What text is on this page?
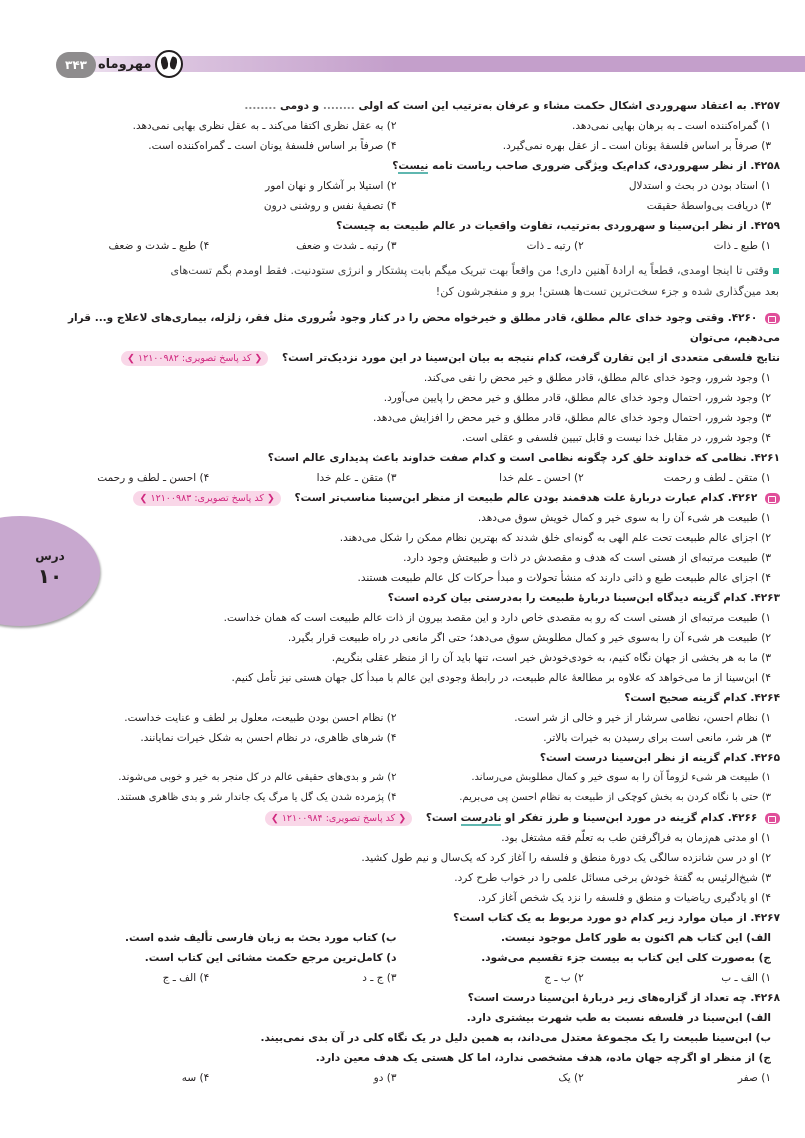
مهروماه
۳۴۳
درس
۱۰
۴۲۵۷. به اعتقاد سهروردی اشکال حکمت مشاء و عرفان به‌ترتیب این است که اولی ........ و دومی ........
۱) گمراه‌کننده است ـ به برهان بهایی نمی‌دهد.
۲) به عقل نظری اکتفا می‌کند ـ به عقل نظری بهایی نمی‌دهد.
۳) صرفاً بر اساس فلسفهٔ یونان است ـ از عقل بهره نمی‌گیرد.
۴) صرفاً بر اساس فلسفهٔ یونان است ـ گمراه‌کننده است.
۴۲۵۸. از نظر سهروردی، کدام‌یک ویژگی ضروری صاحب ریاست تامه نیست؟
۱) استاد بودن در بحث و استدلال
۲) استیلا بر آشکار و نهان امور
۳) دریافت بی‌واسطهٔ حقیقت
۴) تصفیهٔ نفس و روشنی درون
۴۲۵۹. از نظر ابن‌سینا و سهروردی به‌ترتیب، تفاوت واقعیات در عالم طبیعت به چیست؟
۱) طبع ـ ذات
۲) رتبه ـ ذات
۳) رتبه ـ شدت و ضعف
۴) طبع ـ شدت و ضعف
وقتی تا اینجا اومدی، قطعاً یه ارادهٔ آهنین داری! من واقعاً بهت تبریک میگم بابت پشتکار و انرژی ستودنیت. فقط اومدم بگم تست‌های
بعد مین‌گذاری شده و جزء سخت‌ترین تست‌ها هستن! برو و منفجرشون کن!
۴۲۶۰. وقتی وجود خدای عالم مطلق، قادر مطلق و خیرخواه محض را در کنار وجود شُروری مثل فقر، زلزله، بیماری‌های لاعلاج و... قرار می‌دهیم، می‌توان
نتایج فلسفی متعددی از این تقارن گرفت، کدام نتیجه به بیان ابن‌سینا در این مورد نزدیک‌تر است؟ ❮ کد پاسخ تصویری: ۱۲۱۰۰۹۸۲ ❯
۱) وجود شرور، وجود خدای عالم مطلق، قادر مطلق و خیر محض را نفی می‌کند.
۲) وجود شرور، احتمال وجود خدای عالم مطلق، قادر مطلق و خیر محض را پایین می‌آورد.
۳) وجود شرور، احتمال وجود خدای عالم مطلق، قادر مطلق و خیر محض را افزایش می‌دهد.
۴) وجود شرور، در مقابل خدا نیست و قابل تبیین فلسفی و عقلی است.
۴۲۶۱. نظامی که خداوند خلق کرد چگونه نظامی است و کدام صفت خداوند باعث پدیداری عالم است؟
۱) متقن ـ لطف و رحمت
۲) احسن ـ علم خدا
۳) متقن ـ علم خدا
۴) احسن ـ لطف و رحمت
۴۲۶۲. کدام عبارت دربارهٔ علت هدفمند بودن عالم طبیعت از منظر ابن‌سینا مناسب‌تر است؟ ❮ کد پاسخ تصویری: ۱۲۱۰۰۹۸۳ ❯
۱) طبیعت هر شیء آن را به سوی خیر و کمال خویش سوق می‌دهد.
۲) اجزای عالم طبیعت تحت علم الهی به گونه‌ای خلق شدند که بهترین نظام ممکن را شکل می‌دهند.
۳) طبیعت مرتبه‌ای از هستی است که هدف و مقصدش در ذات و طبیعتش وجود دارد.
۴) اجزای عالم طبیعت طبع و ذاتی دارند که منشأ تحولات و مبدأ حرکات کل عالم طبیعت هستند.
۴۲۶۳. کدام گزینه دیدگاه ابن‌سینا دربارهٔ طبیعت را به‌درستی بیان کرده است؟
۱) طبیعت مرتبه‌ای از هستی است که رو به مقصدی خاص دارد و این مقصد بیرون از ذات عالم طبیعت است که همان خداست.
۲) طبیعت هر شیء آن را به‌سوی خیر و کمال مطلوبش سوق می‌دهد؛ حتی اگر مانعی در راه طبیعت قرار بگیرد.
۳) ما به هر بخشی از جهان نگاه کنیم، به خودی‌خودش خیر است، تنها باید آن را از منظر عقلی بنگریم.
۴) ابن‌سینا از ما می‌خواهد که علاوه بر مطالعهٔ عالم طبیعت، در رابطهٔ وجودی این عالم با مبدأ کل جهان هستی نیز تأمل کنیم.
۴۲۶۴. کدام گزینه صحیح است؟
۱) نظام احسن، نظامی سرشار از خیر و خالی از شر است.
۲) نظام احسن بودن طبیعت، معلول بر لطف و عنایت خداست.
۳) هر شر، مانعی است برای رسیدن به خیرات بالاتر.
۴) شرهای ظاهری، در نظام احسن به شکل خیرات نمایانند.
۴۲۶۵. کدام گزینه از نظر ابن‌سینا درست است؟
۱) طبیعت هر شیء لزوماً آن را به سوی خیر و کمال مطلوبش می‌رساند.
۲) شر و بدی‌های حقیقی عالم در کل منجر به خیر و خوبی می‌شوند.
۳) حتی با نگاه کردن به بخش کوچکی از طبیعت به نظام احسن پی می‌بریم.
۴) پژمرده شدن یک گل یا مرگ یک جاندار شر و بدی ظاهری هستند.
۴۲۶۶. کدام گزینه در مورد ابن‌سینا و طرز تفکر او نادرست است؟ ❮ کد پاسخ تصویری: ۱۲۱۰۰۹۸۴ ❯
۱) او مدتی هم‌زمان به فراگرفتن طب به تعلّم فقه مشتغل بود.
۲) او در سن شانزده سالگی یک دورهٔ منطق و فلسفه را آغاز کرد که یک‌سال و نیم طول کشید.
۳) شیخ‌الرئیس به گفتهٔ خودش برخی مسائل علمی را در خواب طرح کرد.
۴) او یادگیری ریاضیات و منطق و فلسفه را نزد یک شخص آغاز کرد.
۴۲۶۷. از میان موارد زیر کدام دو مورد مربوط به یک کتاب است؟
الف) این کتاب هم اکنون به طور کامل موجود نیست.
ب) کتاب مورد بحث به زبان فارسی تألیف شده است.
ج) به‌صورت کلی این کتاب به بیست جزء تقسیم می‌شود.
د) کامل‌ترین مرجع حکمت مشائی این کتاب است.
۱) الف ـ ب
۲) ب ـ ج
۳) ج ـ د
۴) الف ـ ج
۴۲۶۸. چه تعداد از گزاره‌های زیر دربارهٔ ابن‌سینا درست است؟
الف) ابن‌سینا در فلسفه نسبت به طب شهرت بیشتری دارد.
ب) ابن‌سینا طبیعت را یک مجموعهٔ معتدل می‌داند، به همین دلیل در یک نگاه کلی در آن بدی نمی‌بیند.
ج) از منظر او اگرچه جهان ماده، هدف مشخصی ندارد، اما کل هستی یک هدف معین دارد.
۱) صفر
۲) یک
۳) دو
۴) سه
